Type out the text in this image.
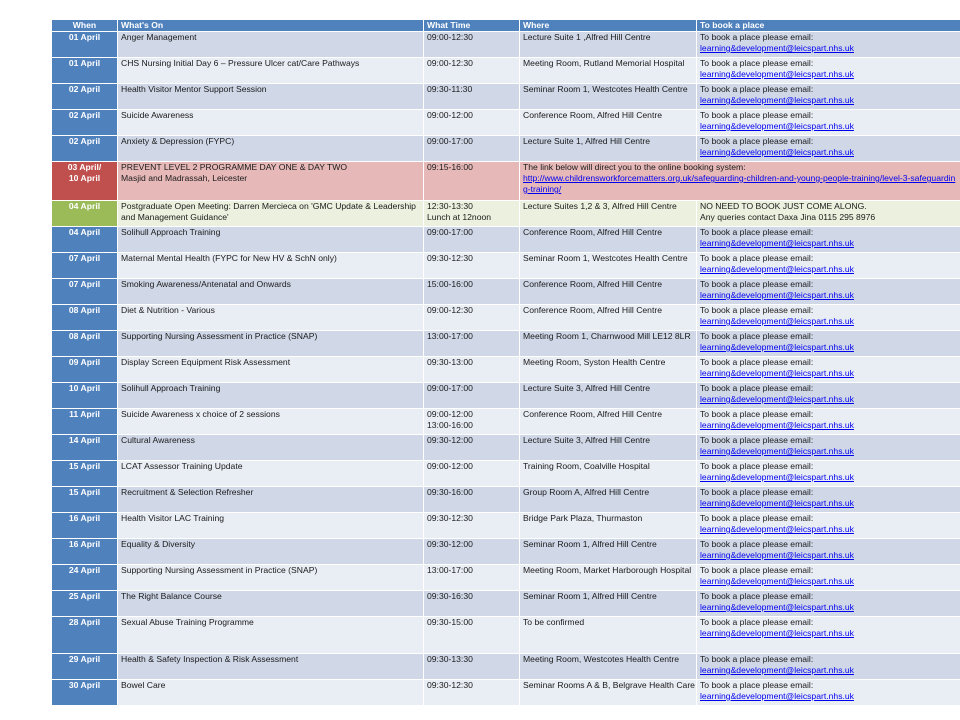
When	What's On	What Time	Where	To book a place
01 April	Anger Management	09:00-12:30	Lecture Suite 1 ,Alfred Hill Centre	To book a place please email:
learning&development@leicspart.nhs.uk
01 April	CHS Nursing Initial Day 6 – Pressure Ulcer cat/Care Pathways	09:00-12:30	Meeting Room, Rutland Memorial Hospital	To book a place please email:
learning&development@leicspart.nhs.uk
02 April	Health Visitor Mentor Support Session	09:30-11:30	Seminar Room 1, Westcotes Health Centre	To book a place please email:
learning&development@leicspart.nhs.uk
02 April	Suicide Awareness	09:00-12:00	Conference Room, Alfred Hill Centre	To book a place please email:
learning&development@leicspart.nhs.uk
02 April	Anxiety & Depression (FYPC)	09:00-17:00	Lecture Suite 1, Alfred Hill Centre	To book a place please email:
learning&development@leicspart.nhs.uk
03 April/
10 April	PREVENT LEVEL 2 PROGRAMME DAY ONE & DAY TWO
Masjid and Madrassah, Leicester	09:15-16:00	The link below will direct you to the online booking system:
http://www.childrensworkforcematters.org.uk/safeguarding-children-and-young-people-training/level-3-safeguarding-training/	
04 April	Postgraduate Open Meeting: Darren Mercieca on 'GMC Update & Leadership and Management Guidance'	12:30-13:30
Lunch at 12noon	Lecture Suites 1,2 & 3, Alfred Hill Centre	NO NEED TO BOOK JUST COME ALONG.
Any queries contact Daxa Jina 0115 295 8976
04 April	Solihull Approach Training	09:00-17:00	Conference Room, Alfred Hill Centre	To book a place please email:
learning&development@leicspart.nhs.uk
07 April	Maternal Mental Health (FYPC for New HV & SchN only)	09:30-12:30	Seminar Room 1, Westcotes Health Centre	To book a place please email:
learning&development@leicspart.nhs.uk
07 April	Smoking Awareness/Antenatal and Onwards	15:00-16:00	Conference Room, Alfred Hill Centre	To book a place please email:
learning&development@leicspart.nhs.uk
08 April	Diet & Nutrition - Various	09:00-12:30	Conference Room, Alfred Hill Centre	To book a place please email:
learning&development@leicspart.nhs.uk
08 April	Supporting Nursing Assessment in Practice (SNAP)	13:00-17:00	Meeting Room 1, Charnwood Mill LE12 8LR	To book a place please email:
learning&development@leicspart.nhs.uk
09 April	Display Screen Equipment Risk Assessment	09:30-13:00	Meeting Room, Syston Health Centre	To book a place please email:
learning&development@leicspart.nhs.uk
10 April	Solihull Approach Training	09:00-17:00	Lecture Suite 3, Alfred Hill Centre	To book a place please email:
learning&development@leicspart.nhs.uk
11 April	Suicide Awareness x choice of 2 sessions	09:00-12:00
13:00-16:00	Conference Room, Alfred Hill Centre	To book a place please email:
learning&development@leicspart.nhs.uk
14 April	Cultural Awareness	09:30-12:00	Lecture Suite 3, Alfred Hill Centre	To book a place please email:
learning&development@leicspart.nhs.uk
15 April	LCAT Assessor Training Update	09:00-12:00	Training Room, Coalville Hospital	To book a place please email:
learning&development@leicspart.nhs.uk
15 April	Recruitment & Selection Refresher	09:30-16:00	Group Room A, Alfred Hill Centre	To book a place please email:
learning&development@leicspart.nhs.uk
16 April	Health Visitor LAC Training	09:30-12:30	Bridge Park Plaza, Thurmaston	To book a place please email:
learning&development@leicspart.nhs.uk
16 April	Equality & Diversity	09:30-12:00	Seminar Room 1, Alfred Hill Centre	To book a place please email:
learning&development@leicspart.nhs.uk
24 April	Supporting Nursing Assessment in Practice (SNAP)	13:00-17:00	Meeting Room, Market Harborough Hospital	To book a place please email:
learning&development@leicspart.nhs.uk
25 April	The Right Balance Course	09:30-16:30	Seminar Room 1, Alfred Hill Centre	To book a place please email:
learning&development@leicspart.nhs.uk
28 April	Sexual Abuse Training Programme	09:30-15:00	To be confirmed	To book a place please email:
learning&development@leicspart.nhs.uk
29 April	Health & Safety Inspection & Risk Assessment	09:30-13:30	Meeting Room, Westcotes Health Centre	To book a place please email:
learning&development@leicspart.nhs.uk
30 April	Bowel Care	09:30-12:30	Seminar Rooms A & B, Belgrave Health Care	To book a place please email:
learning&development@leicspart.nhs.uk
